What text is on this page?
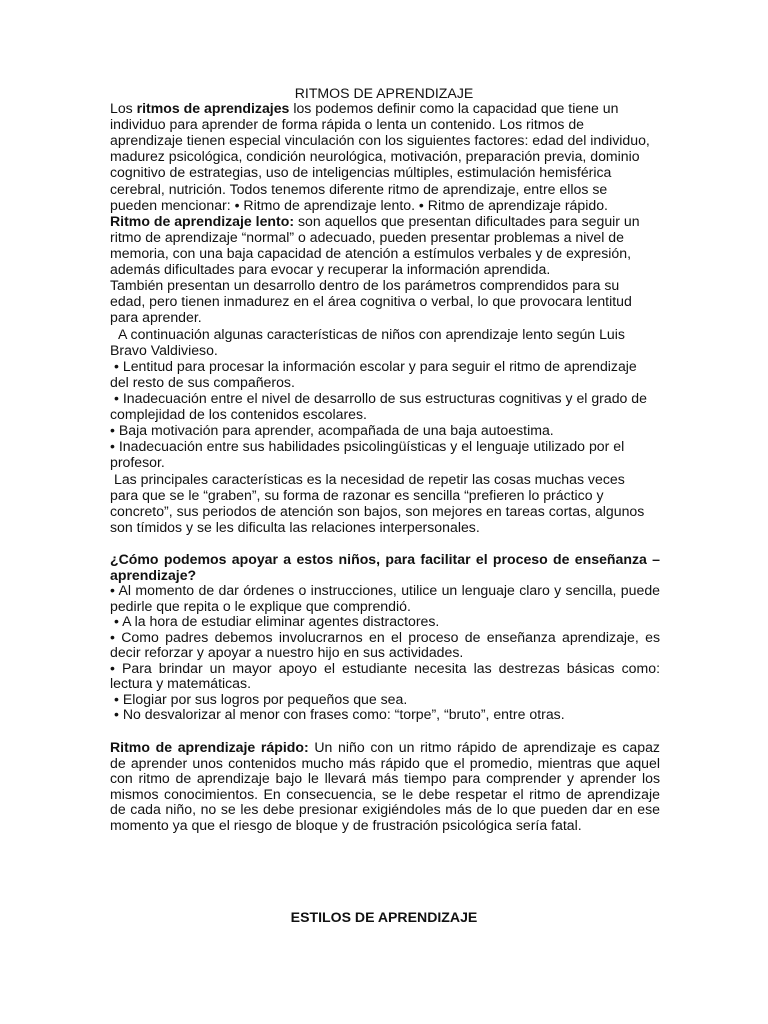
RITMOS DE APRENDIZAJE
Los ritmos de aprendizajes los podemos definir como la capacidad que tiene un
individuo para aprender de forma rápida o lenta un contenido. Los ritmos de
aprendizaje tienen especial vinculación con los siguientes factores: edad del individuo,
madurez psicológica, condición neurológica, motivación, preparación previa, dominio
cognitivo de estrategias, uso de inteligencias múltiples, estimulación hemisférica
cerebral, nutrición. Todos tenemos diferente ritmo de aprendizaje, entre ellos se
pueden mencionar: • Ritmo de aprendizaje lento. • Ritmo de aprendizaje rápido.
Ritmo de aprendizaje lento: son aquellos que presentan dificultades para seguir un
ritmo de aprendizaje “normal” o adecuado, pueden presentar problemas a nivel de
memoria, con una baja capacidad de atención a estímulos verbales y de expresión,
además dificultades para evocar y recuperar la información aprendida.
También presentan un desarrollo dentro de los parámetros comprendidos para su
edad, pero tienen inmadurez en el área cognitiva o verbal, lo que provocara lentitud
para aprender.
A continuación algunas características de niños con aprendizaje lento según Luis
Bravo Valdivieso.
• Lentitud para procesar la información escolar y para seguir el ritmo de aprendizaje
del resto de sus compañeros.
• Inadecuación entre el nivel de desarrollo de sus estructuras cognitivas y el grado de
complejidad de los contenidos escolares.
• Baja motivación para aprender, acompañada de una baja autoestima.
• Inadecuación entre sus habilidades psicolingüísticas y el lenguaje utilizado por el
profesor.
Las principales características es la necesidad de repetir las cosas muchas veces
para que se le “graben”, su forma de razonar es sencilla “prefieren lo práctico y
concreto”, sus periodos de atención son bajos, son mejores en tareas cortas, algunos
son tímidos y se les dificulta las relaciones interpersonales.
¿Cómo podemos apoyar a estos niños, para facilitar el proceso de enseñanza –
aprendizaje?
• Al momento de dar órdenes o instrucciones, utilice un lenguaje claro y sencilla, puede
pedirle que repita o le explique que comprendió.
• A la hora de estudiar eliminar agentes distractores.
• Como padres debemos involucrarnos en el proceso de enseñanza aprendizaje, es
decir reforzar y apoyar a nuestro hijo en sus actividades.
• Para brindar un mayor apoyo el estudiante necesita las destrezas básicas como:
lectura y matemáticas.
• Elogiar por sus logros por pequeños que sea.
• No desvalorizar al menor con frases como: “torpe”, “bruto”, entre otras.
Ritmo de aprendizaje rápido: Un niño con un ritmo rápido de aprendizaje es capaz
de aprender unos contenidos mucho más rápido que el promedio, mientras que aquel
con ritmo de aprendizaje bajo le llevará más tiempo para comprender y aprender los
mismos conocimientos. En consecuencia, se le debe respetar el ritmo de aprendizaje
de cada niño, no se les debe presionar exigiéndoles más de lo que pueden dar en ese
momento ya que el riesgo de bloque y de frustración psicológica sería fatal.
ESTILOS DE APRENDIZAJE
